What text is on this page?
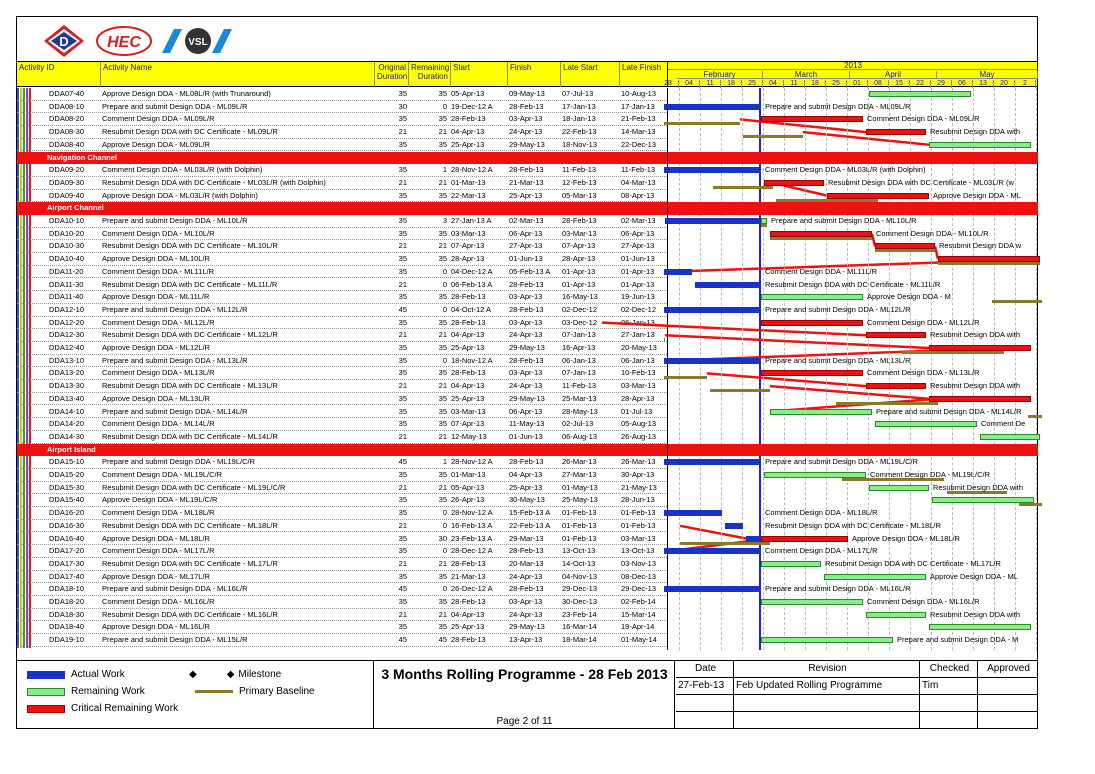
D HEC	VSL
Activity ID	Activity Name	Original Duration
Remaining Duration
Start	Finish	Late Start	Late Finish	2013
February	March	April	May
28	04	11	18	25	04	11	18	25	01	08	15	22	29	06	13	20	2
DDA07-40	Approve Design DDA - ML08L/R (with Trunaround)	35	35 05-Apr-13	09-May-13	07-Jul-13	10-Aug-13
DDA08-10	Prepare and submit Design DDA - ML09L/R	30	0 19-Dec-12 A	28-Feb-13	17-Jan-13	17-Jan-13
DDA08-20	Comment Design DDA - ML09L/R	35	35 28-Feb-13	03-Apr-13	18-Jan-13	21-Feb-13
DDA08-30	Resubmit Design DDA with DC Certificate - ML09L/R	21	21 04-Apr-13	24-Apr-13	22-Feb-13	14-Mar-13
DDA08-40	Approve Design DDA - ML09L/R	35	35 25-Apr-13	29-May-13	18-Nov-13	22-Dec-13
Navigation Channel
DDA09-20	Comment Design DDA - ML03L/R (with Dolphin)	35	1 28-Nov-12 A	28-Feb-13	11-Feb-13	11-Feb-13
DDA09-30	Resubmit Design DDA with DC Certificate - ML03L/R (with Dolphin)	21	21 01-Mar-13	21-Mar-13	12-Feb-13	04-Mar-13
DDA09-40	Approve Design DDA - ML03L/R (with Dolphin)	35	35 22-Mar-13	25-Apr-13	05-Mar-13	08-Apr-13
Airport Channel
DDA10-10	Prepare and submit Design DDA - ML10L/R	35	3 27-Jan-13 A	02-Mar-13	28-Feb-13	02-Mar-13
DDA10-20	Comment Design DDA - ML10L/R	35	35 03-Mar-13	06-Apr-13	03-Mar-13	06-Apr-13
DDA10-30	Resubmit Design DDA with DC Certificate - ML10L/R	21	21 07-Apr-13	27-Apr-13	07-Apr-13	27-Apr-13
DDA10-40	Approve Design DDA - ML10L/R	35	35 28-Apr-13	01-Jun-13	28-Apr-13	01-Jun-13
DDA11-20	Comment Design DDA - ML11L/R	35	0 04-Dec-12 A	05-Feb-13 A	01-Apr-13	01-Apr-13
DDA11-30	Resubmit Design DDA with DC Certificate - ML11L/R	21	0 06-Feb-13 A	28-Feb-13	01-Apr-13	01-Apr-13
DDA11-40	Approve Design DDA - ML11L/R	35	35 28-Feb-13	03-Apr-13	16-May-13	19-Jun-13
DDA12-10	Prepare and submit Design DDA - ML12L/R	45	0 04-Oct-12 A	28-Feb-13	02-Dec-12	02-Dec-12
DDA12-20	Comment Design DDA - ML12L/R	35	35 28-Feb-13	03-Apr-13	03-Dec-12	06-Jan-13
DDA12-30	Resubmit Design DDA with DC Certificate - ML12L/R	21	21 04-Apr-13	24-Apr-13	07-Jan-13	27-Jan-13
DDA12-40	Approve Design DDA - ML12L/R	35	35 25-Apr-13	29-May-13	16-Apr-13	20-May-13
DDA13-10	Prepare and submit Design DDA - ML13L/R	35	0 18-Nov-12 A	28-Feb-13	06-Jan-13	06-Jan-13
DDA13-20	Comment Design DDA - ML13L/R	35	35 28-Feb-13	03-Apr-13	07-Jan-13	10-Feb-13
DDA13-30	Resubmit Design DDA with DC Certificate - ML13L/R	21	21 04-Apr-13	24-Apr-13	11-Feb-13	03-Mar-13
DDA13-40	Approve Design DDA - ML13L/R	35	35 25-Apr-13	29-May-13	25-Mar-13	28-Apr-13
DDA14-10	Prepare and submit Design DDA - ML14L/R	35	35 03-Mar-13	06-Apr-13	28-May-13	01-Jul-13
DDA14-20	Comment Design DDA - ML14L/R	35	35 07-Apr-13	11-May-13	02-Jul-13	05-Aug-13
DDA14-30	Resubmit Design DDA with DC Certificate - ML14L/R	21	21 12-May-13	01-Jun-13	06-Aug-13	26-Aug-13
Airport Island
DDA15-10	Prepare and submit Design DDA - ML19L/C/R	45	1 28-Nov-12 A	28-Feb-13	26-Mar-13	26-Mar-13
DDA15-20	Comment Design DDA - ML19L/C/R	35	35 01-Mar-13	04-Apr-13	27-Mar-13	30-Apr-13
DDA15-30	Resubmit Design DDA with DC Certificate - ML19L/C/R	21	21 05-Apr-13	25-Apr-13	01-May-13	21-May-13
DDA15-40	Approve Design DDA - ML19L/C/R	35	35 26-Apr-13	30-May-13	25-May-13	28-Jun-13
DDA16-20	Comment Design DDA - ML18L/R	35	0 28-Nov-12 A	15-Feb-13 A	01-Feb-13	01-Feb-13
DDA16-30	Resubmit Design DDA with DC Certificate - ML18L/R	21	0 16-Feb-13 A	22-Feb-13 A	01-Feb-13	01-Feb-13
DDA16-40	Approve Design DDA - ML18L/R	35	30 23-Feb-13 A	29-Mar-13	01-Feb-13	03-Mar-13
DDA17-20	Comment Design DDA - ML17L/R	35	0 28-Dec-12 A	28-Feb-13	13-Oct-13	13-Oct-13
DDA17-30	Resubmit Design DDA with DC Certificate - ML17L/R	21	21 28-Feb-13	20-Mar-13	14-Oct-13	03-Nov-13
DDA17-40	Approve Design DDA - ML17L/R	35	35 21-Mar-13	24-Apr-13	04-Nov-13	08-Dec-13
DDA18-10	Prepare and submit Design DDA - ML16L/R	45	0 26-Dec-12 A	28-Feb-13	29-Dec-13	29-Dec-13
DDA18-20	Comment Design DDA - ML16L/R	35	35 28-Feb-13	03-Apr-13	30-Dec-13	02-Feb-14
DDA18-30	Resubmit Design DDA with DC Certificate - ML16L/R	21	21 04-Apr-13	24-Apr-13	23-Feb-14	15-Mar-14
DDA18-40	Approve Design DDA - ML16L/R	35	35 25-Apr-13	29-May-13	16-Mar-14	19-Apr-14
DDA19-10	Prepare and submit Design DDA - ML15L/R	45	45 28-Feb-13	13-Apr-13	18-Mar-14	01-May-14
Prepare and submit Design DDA - ML09L/R
Comment Design DDA - ML09L/R
Resubmit Design DDA with
Comment Design DDA - ML03L/R (with Dolphin)
Resubmit Design DDA with DC Certificate - ML03L/R (w
Approve Design DDA - ML
Prepare and submit Design DDA - ML10L/R
Comment Design DDA - ML10L/R
Resubmit Design DDA w
Comment Design DDA - ML11L/R
Resubmit Design DDA with DC Certificate - ML11L/R
Approve Design DDA - M
Prepare and submit Design DDA - ML12L/R
Comment Design DDA - ML12L/R
Resubmit Design DDA with
Prepare and submit Design DDA - ML13L/R
Comment Design DDA - ML13L/R
Resubmit Design DDA with
Prepare and submit Design DDA - ML14L/R
Comment De
Prepare and submit Design DDA - ML19L/C/R
Comment Design DDA - ML19L/C/R
Resubmit Design DDA with
Comment Design DDA - ML18L/R
Resubmit Design DDA with DC Certificate - ML18L/R
Approve Design DDA - ML18L/R
Comment Design DDA - ML17L/R
Resubmit Design DDA with DC Certificate - ML17L/R
Approve Design DDA - ML
Prepare and submit Design DDA - ML16L/R
Comment Design DDA - ML16L/R
Resubmit Design DDA with
Prepare and submit Design DDA - M
Actual Work
Remaining Work
Critical Remaining Work
◆	◆ Milestone
Primary Baseline
3 Months Rolling Programme - 28 Feb 2013
Page 2 of 11
Date	Revision	Checked	Approved
27-Feb-13	Feb Updated Rolling Programme	Tim
